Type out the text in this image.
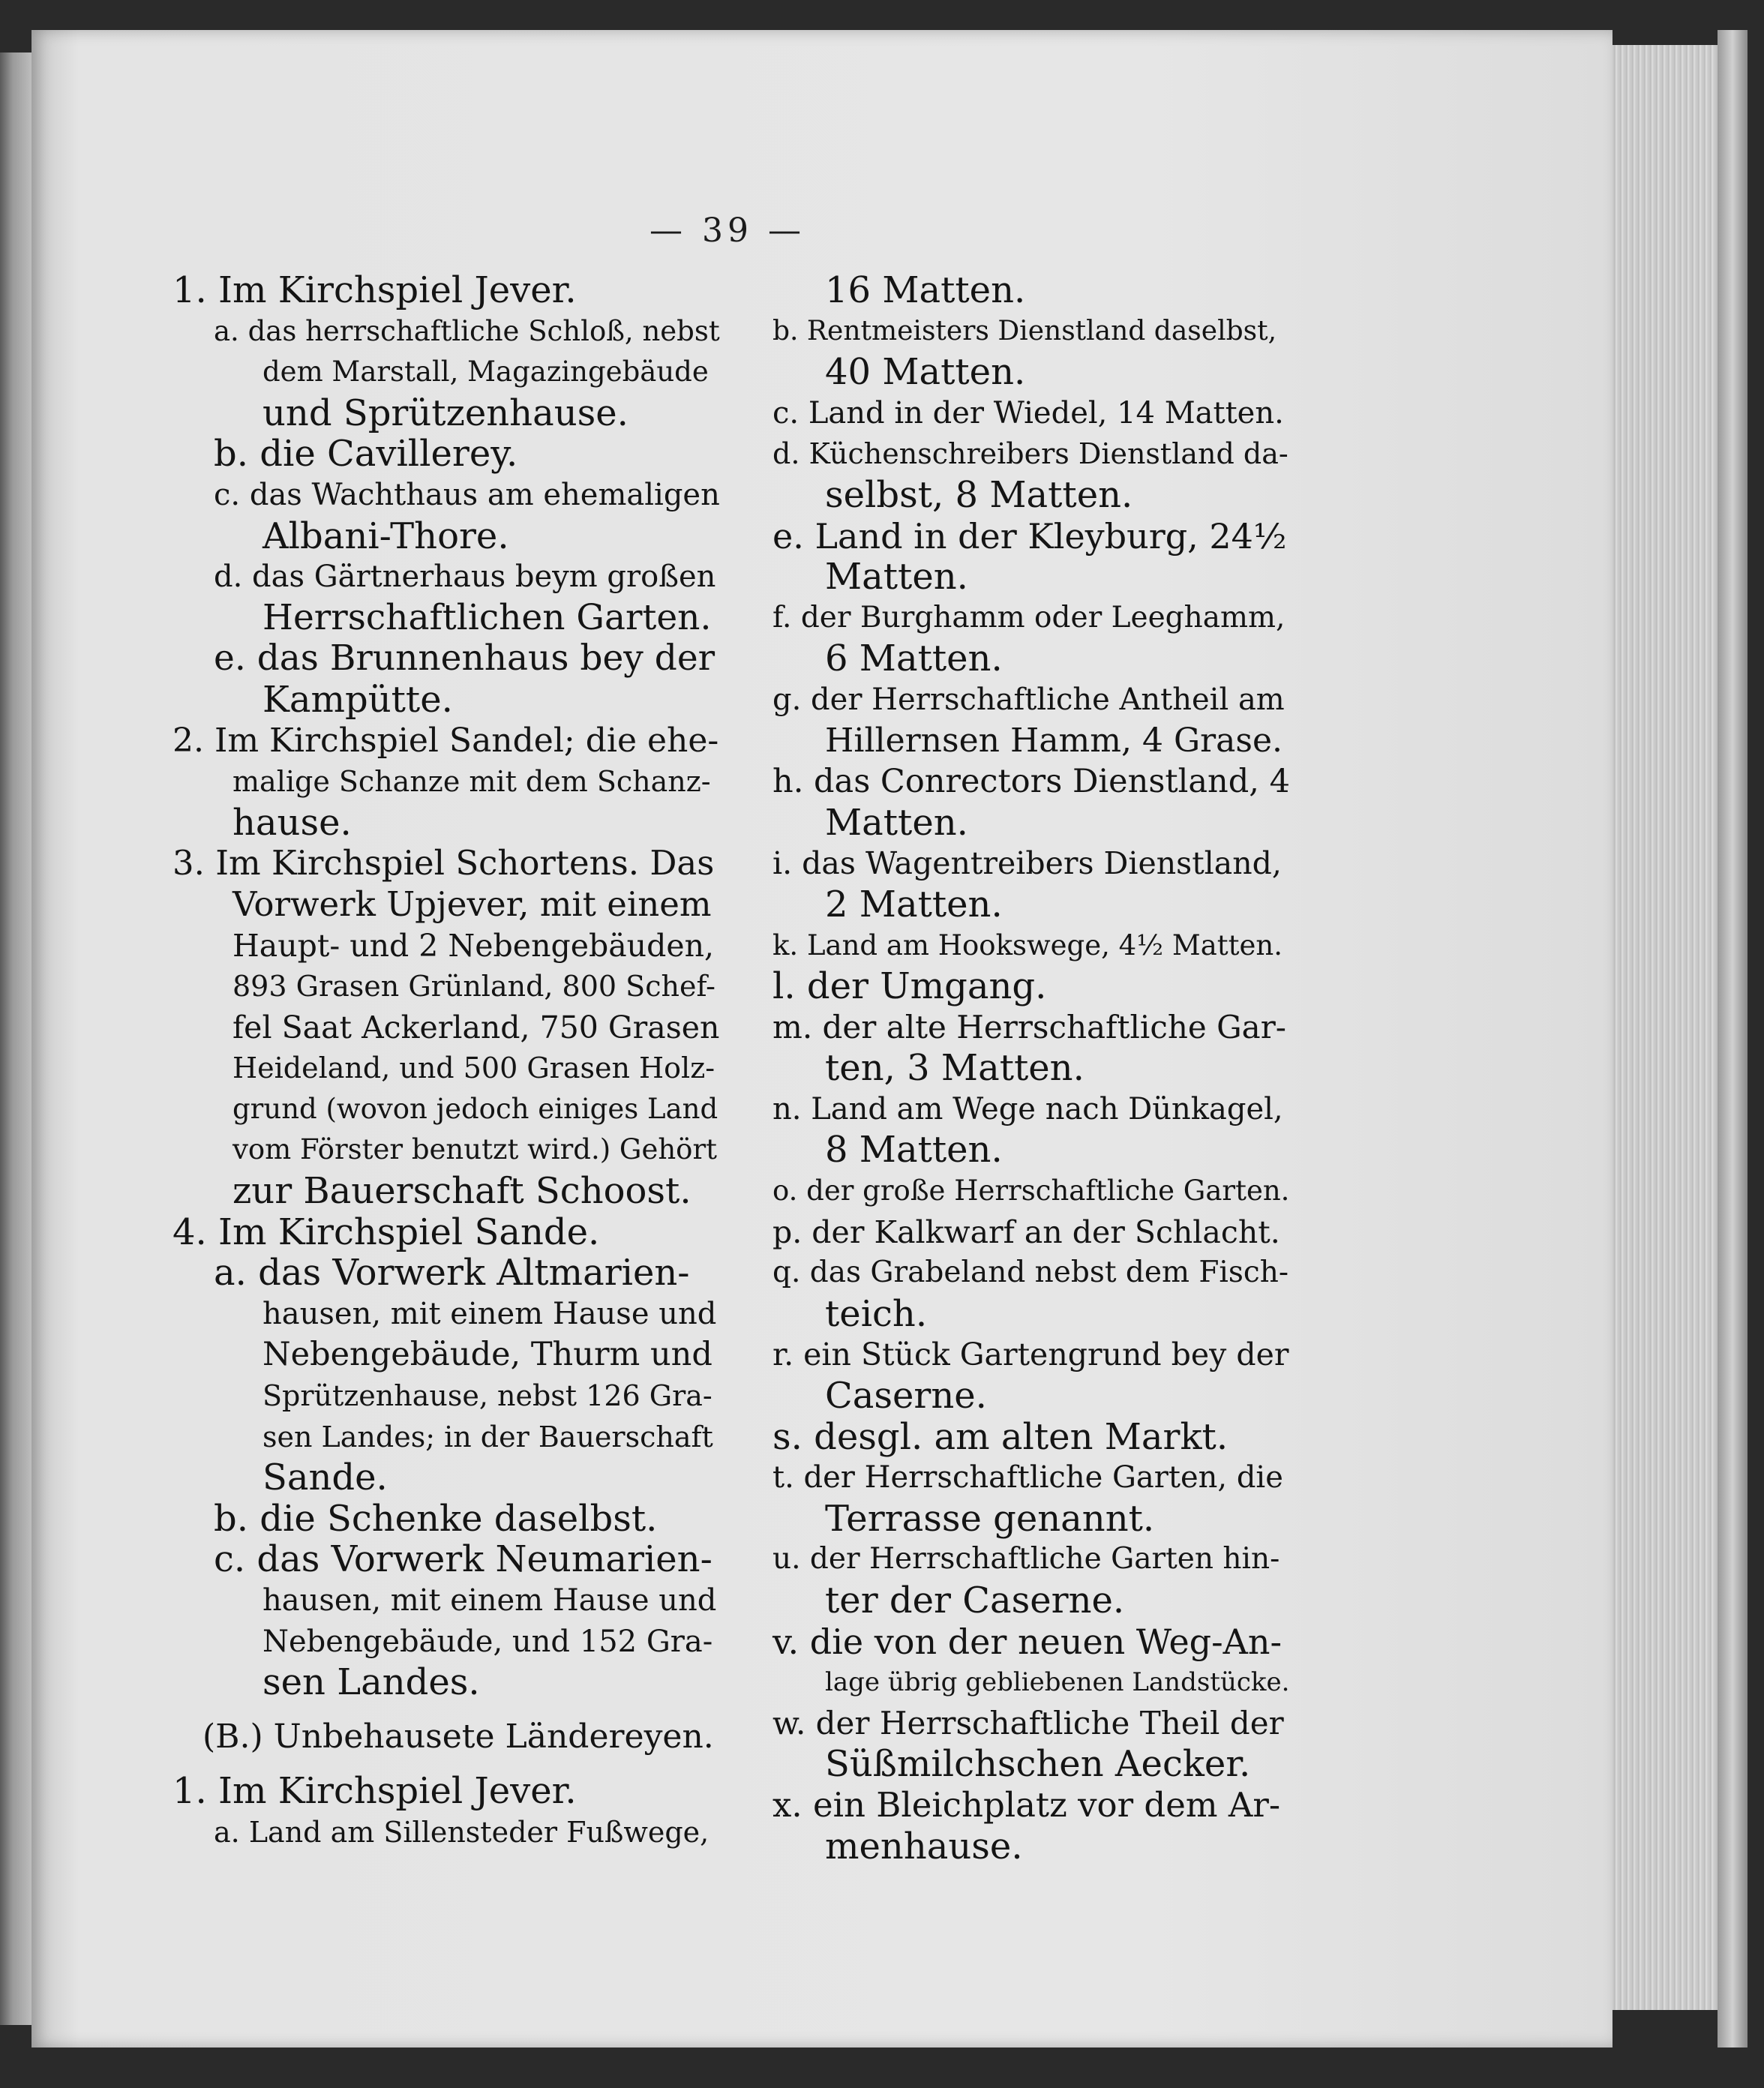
— 39 —
1. Im Kirchspiel Jever.
a. das herrschaftliche Schloß, nebst
dem Marstall, Magazingebäude
und Sprützenhause.
b. die Cavillerey.
c. das Wachthaus am ehemaligen
Albani-Thore.
d. das Gärtnerhaus beym großen
Herrschaftlichen Garten.
e. das Brunnenhaus bey der
Kampütte.
2. Im Kirchspiel Sandel; die ehe-
malige Schanze mit dem Schanz-
hause.
3. Im Kirchspiel Schortens. Das
Vorwerk Upjever, mit einem
Haupt- und 2 Nebengebäuden,
893 Grasen Grünland, 800 Schef-
fel Saat Ackerland, 750 Grasen
Heideland, und 500 Grasen Holz-
grund (wovon jedoch einiges Land
vom Förster benutzt wird.) Gehört
zur Bauerschaft Schoost.
4. Im Kirchspiel Sande.
a. das Vorwerk Altmarien-
hausen, mit einem Hause und
Nebengebäude, Thurm und
Sprützenhause, nebst 126 Gra-
sen Landes; in der Bauerschaft
Sande.
b. die Schenke daselbst.
c. das Vorwerk Neumarien-
hausen, mit einem Hause und
Nebengebäude, und 152 Gra-
sen Landes.
(B.) Unbehausete Ländereyen.
1. Im Kirchspiel Jever.
a. Land am Sillensteder Fußwege,
16 Matten.
b. Rentmeisters Dienstland daselbst,
40 Matten.
c. Land in der Wiedel, 14 Matten.
d. Küchenschreibers Dienstland da-
selbst, 8 Matten.
e. Land in der Kleyburg, 24½
Matten.
f. der Burghamm oder Leeghamm,
6 Matten.
g. der Herrschaftliche Antheil am
Hillernsen Hamm, 4 Grase.
h. das Conrectors Dienstland, 4
Matten.
i. das Wagentreibers Dienstland,
2 Matten.
k. Land am Hookswege, 4½ Matten.
l. der Umgang.
m. der alte Herrschaftliche Gar-
ten, 3 Matten.
n. Land am Wege nach Dünkagel,
8 Matten.
o. der große Herrschaftliche Garten.
p. der Kalkwarf an der Schlacht.
q. das Grabeland nebst dem Fisch-
teich.
r. ein Stück Gartengrund bey der
Caserne.
s. desgl. am alten Markt.
t. der Herrschaftliche Garten, die
Terrasse genannt.
u. der Herrschaftliche Garten hin-
ter der Caserne.
v. die von der neuen Weg-An-
lage übrig gebliebenen Landstücke.
w. der Herrschaftliche Theil der
Süßmilchschen Aecker.
x. ein Bleichplatz vor dem Ar-
menhause.
